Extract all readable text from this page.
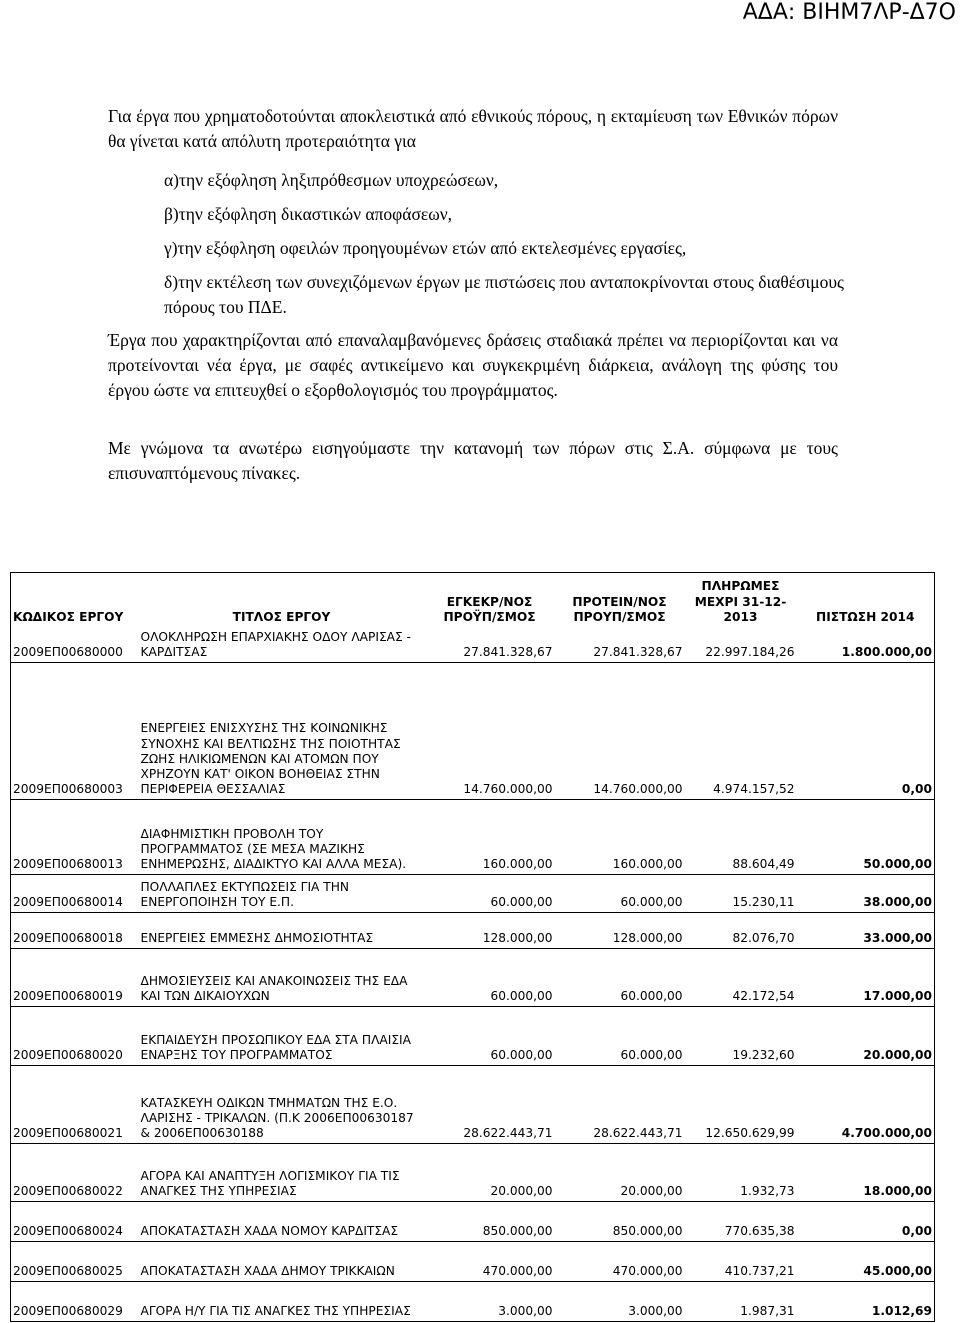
ΑΔΑ: ΒΙΗΜ7ΛΡ-Δ7Ο

Για έργα που χρηματοδοτούνται αποκλειστικά από εθνικούς πόρους, η εκταμίευση των Εθνικών πόρων θα γίνεται κατά απόλυτη προτεραιότητα για

α)την εξόφληση ληξιπρόθεσμων υποχρεώσεων,
β)την εξόφληση δικαστικών αποφάσεων,
γ)την εξόφληση οφειλών προηγουμένων ετών από εκτελεσμένες εργασίες,
δ)την εκτέλεση των συνεχιζόμενων έργων με πιστώσεις που ανταποκρίνονται στους διαθέσιμους πόρους του ΠΔΕ.

Έργα που χαρακτηρίζονται από επαναλαμβανόμενες δράσεις σταδιακά πρέπει να περιορίζονται και να προτείνονται νέα έργα, με σαφές αντικείμενο και συγκεκριμένη διάρκεια, ανάλογη της φύσης του έργου ώστε να επιτευχθεί ο εξορθολογισμός του προγράμματος.

Με γνώμονα τα ανωτέρω εισηγούμαστε την κατανομή των πόρων στις Σ.Α. σύμφωνα με τους επισυναπτόμενους πίνακες.

ΚΩΔΙΚΟΣ ΕΡΓΟΥ	ΤΙΤΛΟΣ ΕΡΓΟΥ	ΕΓΚΕΚΡ/ΝΟΣ ΠΡΟΫΠ/ΣΜΟΣ	ΠΡΟΤΕΙΝ/ΝΟΣ ΠΡΟΥΠ/ΣΜΟΣ	ΠΛΗΡΩΜΕΣ ΜΕΧΡΙ 31-12-2013	ΠΙΣΤΩΣΗ 2014
2009ΕΠ00680000	ΟΛΟΚΛΗΡΩΣΗ ΕΠΑΡΧΙΑΚΗΣ ΟΔΟΥ ΛΑΡΙΣΑΣ - ΚΑΡΔΙΤΣΑΣ	27.841.328,67	27.841.328,67	22.997.184,26	1.800.000,00
2009ΕΠ00680003	ΕΝΕΡΓΕΙΕΣ ΕΝΙΣΧΥΣΗΣ ΤΗΣ ΚΟΙΝΩΝΙΚΗΣ ΣΥΝΟΧΗΣ ΚΑΙ ΒΕΛΤΙΩΣΗΣ ΤΗΣ ΠΟΙΟΤΗΤΑΣ ΖΩΗΣ ΗΛΙΚΙΩΜΕΝΩΝ ΚΑΙ ΑΤΟΜΩΝ ΠΟΥ ΧΡΗΖΟΥΝ ΚΑΤ' ΟΙΚΟΝ ΒΟΗΘΕΙΑΣ ΣΤΗΝ ΠΕΡΙΦΕΡΕΙΑ ΘΕΣΣΑΛΙΑΣ	14.760.000,00	14.760.000,00	4.974.157,52	0,00
2009ΕΠ00680013	ΔΙΑΦΗΜΙΣΤΙΚΗ ΠΡΟΒΟΛΗ ΤΟΥ ΠΡΟΓΡΑΜΜΑΤΟΣ (ΣΕ ΜΕΣΑ ΜΑΖΙΚΗΣ ΕΝΗΜΕΡΩΣΗΣ, ΔΙΑΔΙΚΤΥΟ ΚΑΙ ΑΛΛΑ ΜΕΣΑ).	160.000,00	160.000,00	88.604,49	50.000,00
2009ΕΠ00680014	ΠΟΛΛΑΠΛΕΣ ΕΚΤΥΠΩΣΕΙΣ ΓΙΑ ΤΗΝ ΕΝΕΡΓΟΠΟΙΗΣΗ ΤΟΥ Ε.Π.	60.000,00	60.000,00	15.230,11	38.000,00
2009ΕΠ00680018	ΕΝΕΡΓΕΙΕΣ ΕΜΜΕΣΗΣ ΔΗΜΟΣΙΟΤΗΤΑΣ	128.000,00	128.000,00	82.076,70	33.000,00
2009ΕΠ00680019	ΔΗΜΟΣΙΕΥΣΕΙΣ ΚΑΙ ΑΝΑΚΟΙΝΩΣΕΙΣ ΤΗΣ ΕΔΑ ΚΑΙ ΤΩΝ ΔΙΚΑΙΟΥΧΩΝ	60.000,00	60.000,00	42.172,54	17.000,00
2009ΕΠ00680020	ΕΚΠΑΙΔΕΥΣΗ ΠΡΟΣΩΠΙΚΟΥ ΕΔΑ ΣΤΑ ΠΛΑΙΣΙΑ ΕΝΑΡΞΗΣ ΤΟΥ ΠΡΟΓΡΑΜΜΑΤΟΣ	60.000,00	60.000,00	19.232,60	20.000,00
2009ΕΠ00680021	ΚΑΤΑΣΚΕΥΗ ΟΔΙΚΩΝ ΤΜΗΜΑΤΩΝ ΤΗΣ Ε.Ο. ΛΑΡΙΣΗΣ - ΤΡΙΚΑΛΩΝ. (Π.Κ 2006ΕΠ00630187 & 2006ΕΠ00630188	28.622.443,71	28.622.443,71	12.650.629,99	4.700.000,00
2009ΕΠ00680022	ΑΓΟΡΑ ΚΑΙ ΑΝΑΠΤΥΞΗ ΛΟΓΙΣΜΙΚΟΥ ΓΙΑ ΤΙΣ ΑΝΑΓΚΕΣ ΤΗΣ ΥΠΗΡΕΣΙΑΣ	20.000,00	20.000,00	1.932,73	18.000,00
2009ΕΠ00680024	ΑΠΟΚΑΤΑΣΤΑΣΗ ΧΑΔΑ ΝΟΜΟΥ ΚΑΡΔΙΤΣΑΣ	850.000,00	850.000,00	770.635,38	0,00
2009ΕΠ00680025	ΑΠΟΚΑΤΑΣΤΑΣΗ ΧΑΔΑ ΔΗΜΟΥ ΤΡΙΚΚΑΙΩΝ	470.000,00	470.000,00	410.737,21	45.000,00
2009ΕΠ00680029	ΑΓΟΡΑ Η/Υ ΓΙΑ ΤΙΣ ΑΝΑΓΚΕΣ ΤΗΣ ΥΠΗΡΕΣΙΑΣ	3.000,00	3.000,00	1.987,31	1.012,69
